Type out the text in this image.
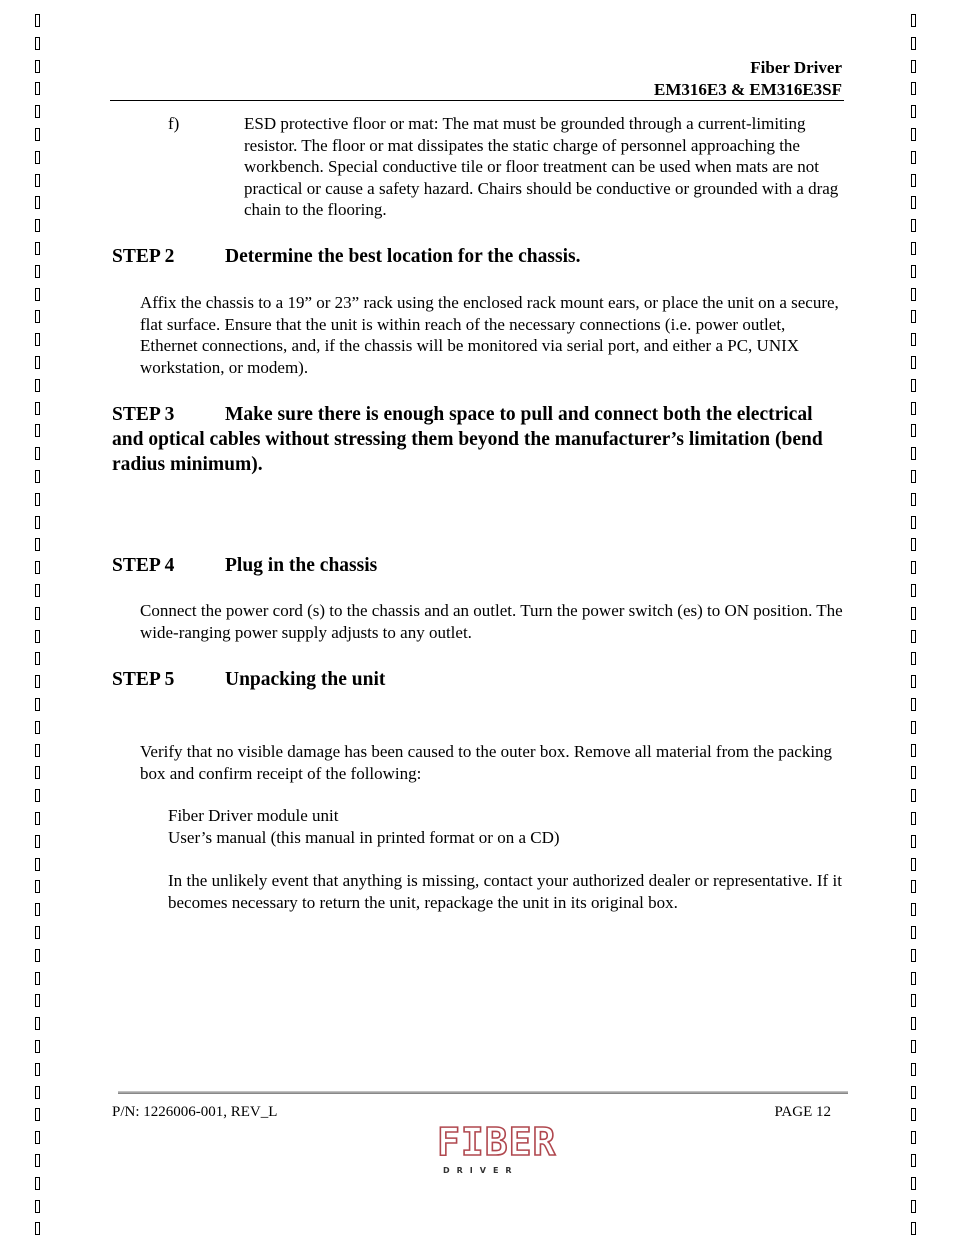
Fiber Driver
EM316E3 & EM316E3SF
f)	ESD protective floor or mat: The mat must be grounded through a current-limiting resistor. The floor or mat dissipates the static charge of personnel approaching the workbench. Special conductive tile or floor treatment can be used when mats are not practical or cause a safety hazard. Chairs should be conductive or grounded with a drag chain to the flooring.
STEP 2	Determine the best location for the chassis.
Affix the chassis to a 19” or 23” rack using the enclosed rack mount ears, or place the unit on a secure, flat surface. Ensure that the unit is within reach of the necessary connections (i.e. power outlet, Ethernet connections, and, if the chassis will be monitored via serial port, and either a PC, UNIX workstation, or modem).
STEP 3	Make sure there is enough space to pull and connect both the electrical and optical cables without stressing them beyond the manufacturer’s limitation (bend radius minimum).
STEP 4	Plug in the chassis
Connect the power cord (s) to the chassis and an outlet. Turn the power switch (es) to ON position. The wide-ranging power supply adjusts to any outlet.
STEP 5	Unpacking the unit
Verify that no visible damage has been caused to the outer box. Remove all material from the packing box and confirm receipt of the following:
Fiber Driver module unit
User’s manual (this manual in printed format or on a CD)
In the unlikely event that anything is missing, contact your authorized dealer or representative. If it becomes necessary to return the unit, repackage the unit in its original box.
P/N: 1226006-001, REV_L	PAGE 12
FIBER
DRIVER
